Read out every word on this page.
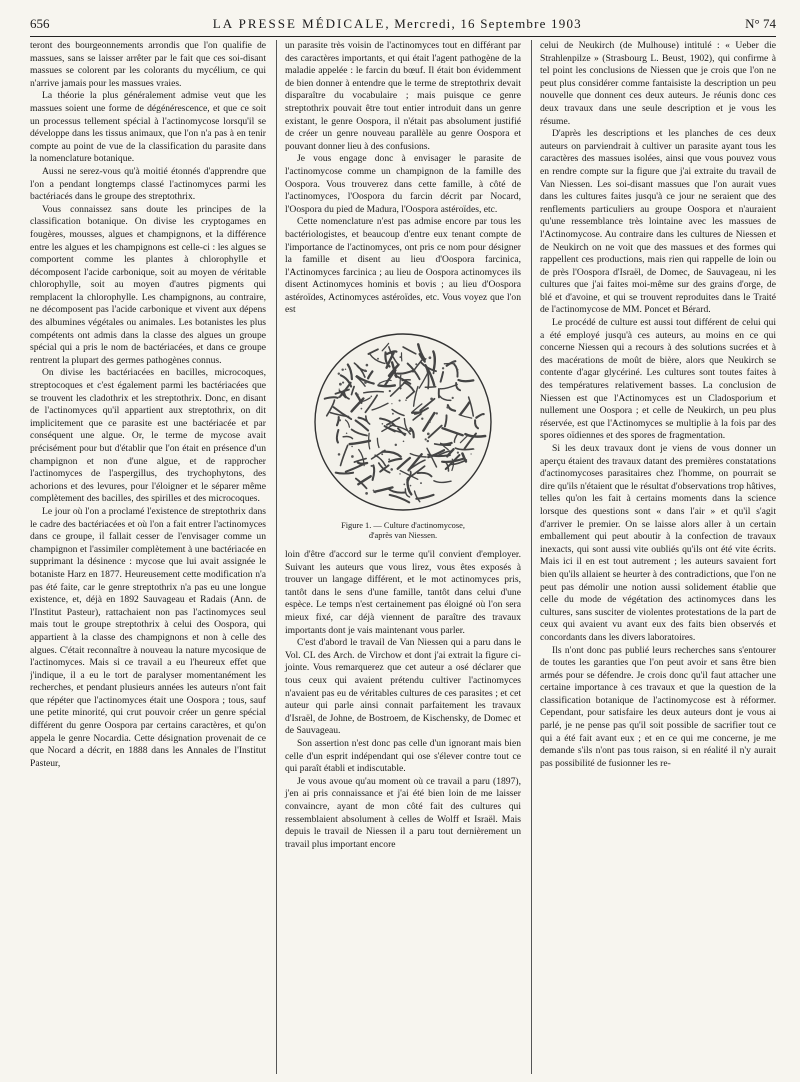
656	LA PRESSE MÉDICALE, Mercredi, 16 Septembre 1903	N° 74

teront des bourgeonnements arrondis que l'on qualifie de massues, sans se laisser arrêter par le fait que ces soi-disant massues se colorent par les colorants du mycélium, ce qui n'arrive jamais pour les massues vraies.

La théorie la plus généralement admise veut que les massues soient une forme de dégénérescence, et que ce soit un processus tellement spécial à l'actinomycose lorsqu'il se développe dans les tissus animaux, que l'on n'a pas à en tenir compte au point de vue de la classification du parasite dans la nomenclature botanique.

Aussi ne serez-vous qu'à moitié étonnés d'apprendre que l'on a pendant longtemps classé l'actinomyces parmi les bactériacés dans le groupe des streptothrix.

Vous connaissez sans doute les principes de la classification botanique. On divise les cryptogames en fougères, mousses, algues et champignons, et la différence entre les algues et les champignons est celle-ci : les algues se comportent comme les plantes à chlorophylle et décomposent l'acide carbonique, soit au moyen de véritable chlorophylle, soit au moyen d'autres pigments qui remplacent la chlorophylle. Les champignons, au contraire, ne décomposent pas l'acide carbonique et vivent aux dépens des albumines végétales ou animales. Les botanistes les plus compétents ont admis dans la classe des algues un groupe spécial qui a pris le nom de bactériacées, et dans ce groupe rentrent la plupart des germes pathogènes connus.

On divise les bactériacées en bacilles, microcoques, streptocoques et c'est également parmi les bactériacées que se trouvent les cladothrix et les streptothrix. Donc, en disant de l'actinomyces qu'il appartient aux streptothrix, on dit implicitement que ce parasite est une bactériacée et par conséquent une algue. Or, le terme de mycose avait précisément pour but d'établir que l'on était en présence d'un champignon et non d'une algue, et de rapprocher l'actinomyces de l'aspergillus, des trychophytons, des achorions et des levures, pour l'éloigner et le séparer même complètement des bacilles, des spirilles et des microcoques.

Le jour où l'on a proclamé l'existence de streptothrix dans le cadre des bactériacées et où l'on a fait entrer l'actinomyces dans ce groupe, il fallait cesser de l'envisager comme un champignon et l'assimiler complètement à une bactériacée en supprimant la désinence : mycose que lui avait assignée le botaniste Harz en 1877. Heureusement cette modification n'a pas été faite, car le genre streptothrix n'a pas eu une longue existence, et, déjà en 1892 Sauvageau et Radais (Ann. de l'Institut Pasteur), rattachaient non pas l'actinomyces seul mais tout le groupe streptothrix à celui des Oospora, qui appartient à la classe des champignons et non à celle des algues. C'était reconnaître à nouveau la nature mycosique de l'actinomyces. Mais si ce travail a eu l'heureux effet que j'indique, il a eu le tort de paralyser momentanément les recherches, et pendant plusieurs années les auteurs n'ont fait que répéter que l'actinomyces était une Oospora ; tous, sauf une petite minorité, qui crut pouvoir créer un genre spécial différent du genre Oospora par certains caractères, et qu'on appela le genre Nocardia. Cette désignation provenait de ce que Nocard a décrit, en 1888 dans les Annales de l'Institut Pasteur,

un parasite très voisin de l'actinomyces tout en différant par des caractères importants, et qui était l'agent pathogène de la maladie appelée : le farcin du bœuf. Il était bon évidemment de bien donner à entendre que le terme de streptothrix devait disparaître du vocabulaire ; mais puisque ce genre streptothrix pouvait être tout entier introduit dans un genre existant, le genre Oospora, il n'était pas absolument justifié de créer un genre nouveau parallèle au genre Oospora et pouvant donner lieu à des confusions.

Je vous engage donc à envisager le parasite de l'actinomycose comme un champignon de la famille des Oospora. Vous trouverez dans cette famille, à côté de l'actinomyces, l'Oospora du farcin décrit par Nocard, l'Oospora du pied de Madura, l'Oospora astéroïdes, etc.

Cette nomenclature n'est pas admise encore par tous les bactériologistes, et beaucoup d'entre eux tenant compte de l'importance de l'actinomyces, ont pris ce nom pour désigner la famille et disent au lieu d'Oospora farcinica, l'Actinomyces farcinica ; au lieu de Oospora actinomyces ils disent Actinomyces hominis et bovis ; au lieu d'Oospora astéroïdes, Actinomyces astéroïdes, etc. Vous voyez que l'on est

Figure 1. — Culture d'actinomycose,
d'après van Niessen.

loin d'être d'accord sur le terme qu'il convient d'employer. Suivant les auteurs que vous lirez, vous êtes exposés à trouver un langage différent, et le mot actinomyces pris, tantôt dans le sens d'une famille, tantôt dans celui d'une espèce. Le temps n'est certainement pas éloigné où l'on sera mieux fixé, car déjà viennent de paraître des travaux importants dont je vais maintenant vous parler.

C'est d'abord le travail de Van Niessen qui a paru dans le Vol. CL des Arch. de Virchow et dont j'ai extrait la figure ci-jointe. Vous remarquerez que cet auteur a osé déclarer que tous ceux qui avaient prétendu cultiver l'actinomyces n'avaient pas eu de véritables cultures de ces parasites ; et cet auteur qui parle ainsi connait parfaitement les travaux d'Israël, de Johne, de Bostroem, de Kischensky, de Domec et de Sauvageau.

Son assertion n'est donc pas celle d'un ignorant mais bien celle d'un esprit indépendant qui ose s'élever contre tout ce qui paraît établi et indiscutable.

Je vous avoue qu'au moment où ce travail a paru (1897), j'en ai pris connaissance et j'ai été bien loin de me laisser convaincre, ayant de mon côté fait des cultures qui ressemblaient absolument à celles de Wolff et Israël. Mais depuis le travail de Niessen il a paru tout dernièrement un travail plus important encore

celui de Neukirch (de Mulhouse) intitulé : « Ueber die Strahlenpilze » (Strasbourg L. Beust, 1902), qui confirme à tel point les conclusions de Niessen que je crois que l'on ne peut plus considérer comme fantaisiste la description un peu nouvelle que donnent ces deux auteurs. Je réunis donc ces deux travaux dans une seule description et je vous les résume.

D'après les descriptions et les planches de ces deux auteurs on parviendrait à cultiver un parasite ayant tous les caractères des massues isolées, ainsi que vous pouvez vous en rendre compte sur la figure que j'ai extraite du travail de Van Niessen. Les soi-disant massues que l'on aurait vues dans les cultures faites jusqu'à ce jour ne seraient que des renflements particuliers au groupe Oospora et n'auraient qu'une ressemblance très lointaine avec les massues de l'Actinomycose. Au contraire dans les cultures de Niessen et de Neukirch on ne voit que des massues et des formes qui rappellent ces productions, mais rien qui rappelle de loin ou de près l'Oospora d'Israël, de Domec, de Sauvageau, ni les cultures que j'ai faites moi-même sur des grains d'orge, de blé et d'avoine, et qui se trouvent reproduites dans le Traité de l'actinomycose de MM. Poncet et Bérard.

Le procédé de culture est aussi tout différent de celui qui a été employé jusqu'à ces auteurs, au moins en ce qui concerne Niessen qui a recours à des solutions sucrées et à des macérations de moût de bière, alors que Neukirch se contente d'agar glycériné. Les cultures sont toutes faites à des températures relativement basses. La conclusion de Niessen est que l'Actinomyces est un Cladosporium et nullement une Oospora ; et celle de Neukirch, un peu plus réservée, est que l'Actinomyces se multiplie à la fois par des spores oïdiennes et des spores de fragmentation.

Si les deux travaux dont je viens de vous donner un aperçu étaient des travaux datant des premières constatations d'actinomycoses parasitaires chez l'homme, on pourrait se dire qu'ils n'étaient que le résultat d'observations trop hâtives, telles qu'on les fait à certains moments dans la science lorsque des questions sont « dans l'air » et qu'il s'agit d'arriver le premier. On se laisse alors aller à un certain emballement qui peut aboutir à la confection de travaux inexacts, qui sont aussi vite oubliés qu'ils ont été vite écrits. Mais ici il en est tout autrement ; les auteurs savaient fort bien qu'ils allaient se heurter à des contradictions, que l'on ne peut pas démolir une notion aussi solidement établie que celle du mode de végétation des actinomyces dans les cultures, sans susciter de violentes protestations de la part de ceux qui avaient vu avant eux des faits bien observés et concordants dans les divers laboratoires.

Ils n'ont donc pas publié leurs recherches sans s'entourer de toutes les garanties que l'on peut avoir et sans être bien armés pour se défendre. Je crois donc qu'il faut attacher une certaine importance à ces travaux et que la question de la classification botanique de l'actinomycose est à réformer. Cependant, pour satisfaire les deux auteurs dont je vous ai parlé, je ne pense pas qu'il soit possible de sacrifier tout ce qui a été fait avant eux ; et en ce qui me concerne, je me demande s'ils n'ont pas tous raison, si en réalité il n'y aurait pas possibilité de fusionner les re-
